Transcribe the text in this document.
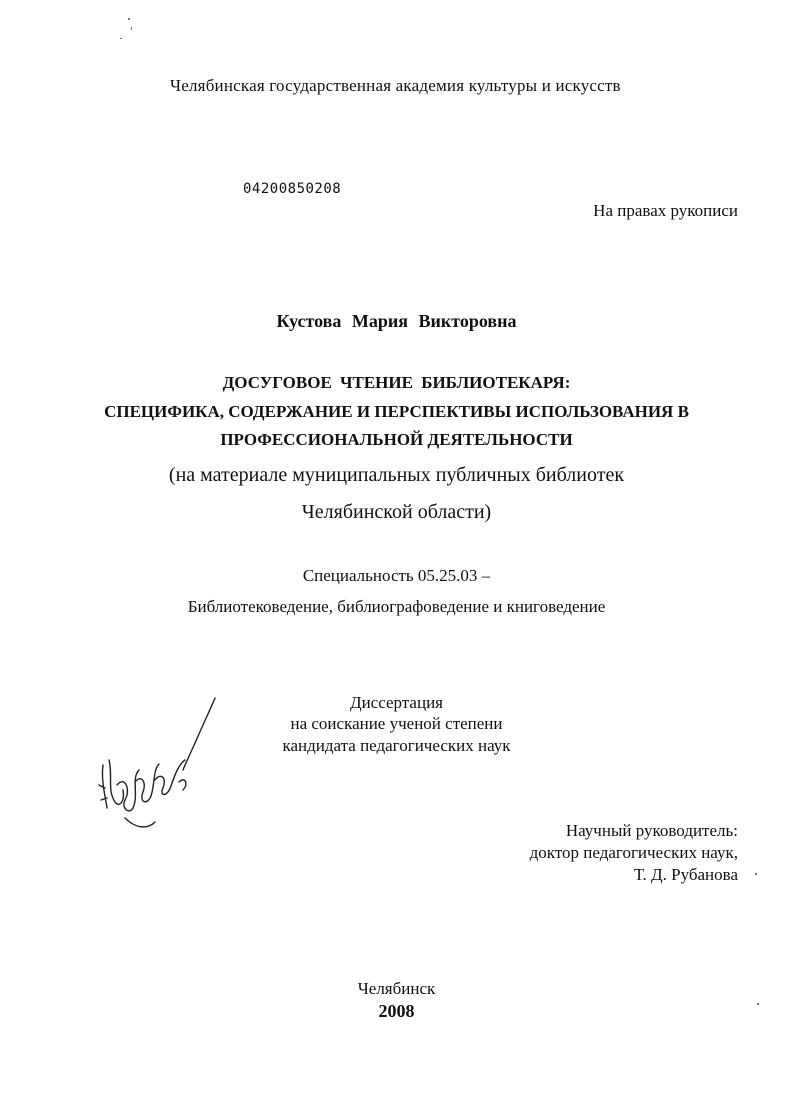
Челябинская государственная академия культуры и искусств

04200850208

На правах рукописи

Кустова Мария Викторовна

ДОСУГОВОЕ ЧТЕНИЕ БИБЛИОТЕКАРЯ:

СПЕЦИФИКА, СОДЕРЖАНИЕ И ПЕРСПЕКТИВЫ ИСПОЛЬЗОВАНИЯ В

ПРОФЕССИОНАЛЬНОЙ ДЕЯТЕЛЬНОСТИ

(на материале муниципальных публичных библиотек

Челябинской области)

Специальность 05.25.03 –

Библиотековедение, библиографоведение и книговедение

Диссертация

на соискание ученой степени

кандидата педагогических наук

Научный руководитель:

доктор педагогических наук,

Т. Д. Рубанова

Челябинск

2008
